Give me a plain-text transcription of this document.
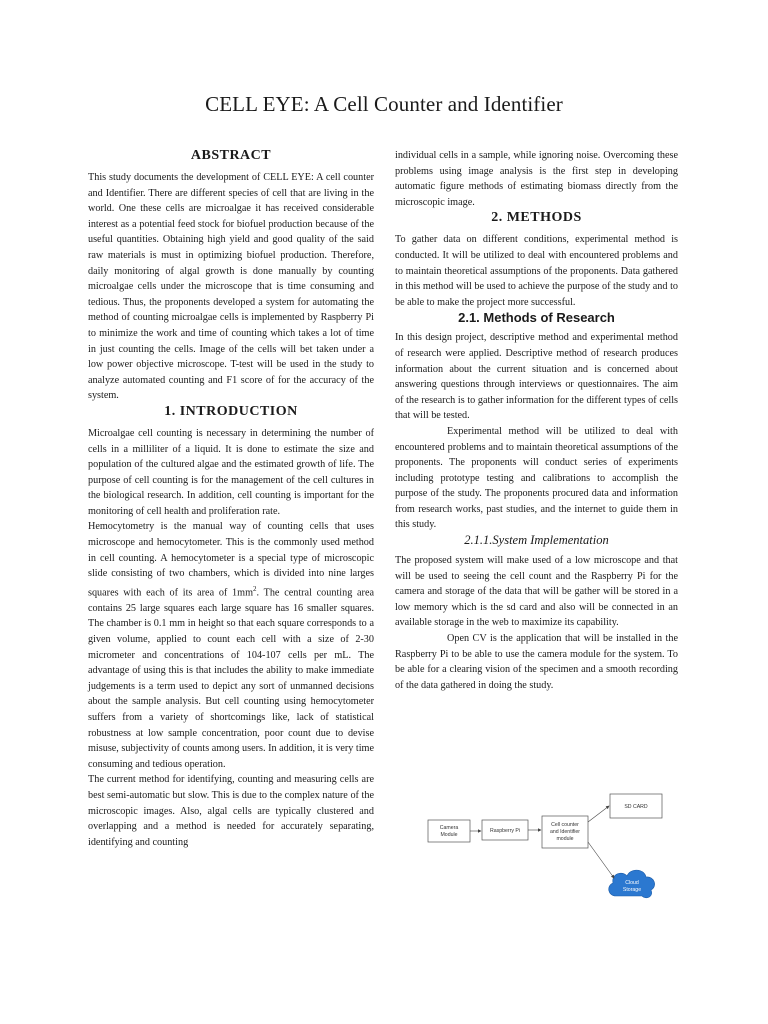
CELL EYE: A Cell Counter and Identifier
ABSTRACT

This study documents the development of CELL EYE: A cell counter and Identifier. There are different species of cell that are living in the world. One these cells are microalgae it has received considerable interest as a potential feed stock for biofuel production because of the useful quantities. Obtaining high yield and good quality of the said raw materials is must in optimizing biofuel production. Therefore, daily monitoring of algal growth is done manually by counting microalgae cells under the microscope that is time consuming and tedious. Thus, the proponents developed a system for automating the method of counting microalgae cells is implemented by Raspberry Pi to minimize the work and time of counting which takes a lot of time in just counting the cells. Image of the cells will bet taken under a low power objective microscope. T-test will be used in the study to analyze automated counting and F1 score of for the accuracy of the system.

1. INTRODUCTION

Microalgae cell counting is necessary in determining the number of cells in a milliliter of a liquid. It is done to estimate the size and population of the cultured algae and the estimated growth of life. The purpose of cell counting is for the management of the cell cultures in the biological research. In addition, cell counting is important for the monitoring of cell health and proliferation rate.

Hemocytometry is the manual way of counting cells that uses microscope and hemocytometer. This is the commonly used method in cell counting. A hemocytometer is a special type of microscopic slide consisting of two chambers, which is divided into nine larges squares with each of its area of $1mm^2$. The central counting area contains 25 large squares each large square has 16 smaller squares. The chamber is 0.1 mm in height so that each square corresponds to a given volume, applied to count each cell with a size of 2-30 micrometer and concentrations of 104-107 cells per mL. The advantage of using this is that includes the ability to make immediate judgements is a term used to depict any sort of unmanned decisions about the sample analysis. But cell counting using hemocytometer suffers from a variety of shortcomings like, lack of statistical robustness at low sample concentration, poor count due to devise misuse, subjectivity of counts among users. In addition, it is very time consuming and tedious operation.

The current method for identifying, counting and measuring cells are best semi-automatic but slow. This is due to the complex nature of the microscopic images. Also, algal cells are typically clustered and overlapping and a method is needed for accurately separating, identifying and counting

individual cells in a sample, while ignoring noise. Overcoming these problems using image analysis is the first step in developing automatic figure methods of estimating biomass directly from the microscopic image.

2. METHODS

To gather data on different conditions, experimental method is conducted. It will be utilized to deal with encountered problems and to maintain theoretical assumptions of the proponents. Data gathered in this method will be used to achieve the purpose of the study and to be able to make the project more successful.

2.1. Methods of Research

In this design project, descriptive method and experimental method of research were applied. Descriptive method of research produces information about the current situation and is concerned about answering questions through interviews or questionnaires. The aim of the research is to gather information for the different types of cells that will be tested.

Experimental method will be utilized to deal with encountered problems and to maintain theoretical assumptions of the proponents. The proponents will conduct series of experiments including prototype testing and calibrations to accomplish the purpose of the study. The proponents procured data and information from research works, past studies, and the internet to guide them in this study.

2.1.1.System Implementation

The proposed system will make used of a low microscope and that will be used to seeing the cell count and the Raspberry Pi for the camera and storage of the data that will be gather will be stored in a low memory which is the sd card and also will be connected in an available storage in the web to maximize its capability.

Open CV is the application that will be installed in the Raspberry Pi to be able to use the camera module for the system. To be able for a clearing vision of the specimen and a smooth recording of the data gathered in doing the study.

Camera
Module
Raspberry Pi
Cell counter
and Identifier
module
SD CARD
Cloud
Storage
